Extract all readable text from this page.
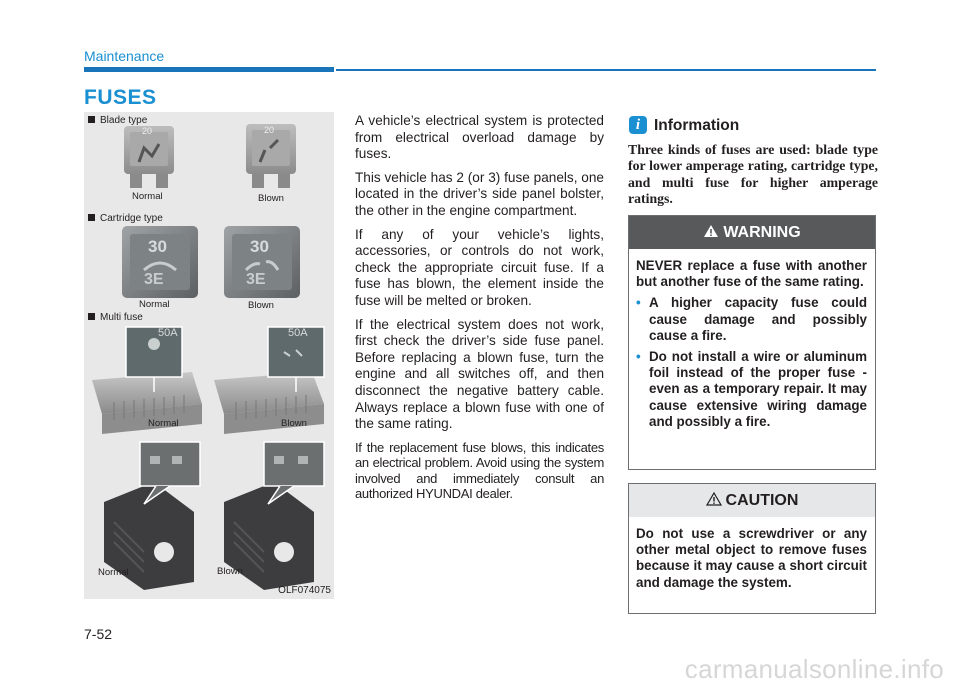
Maintenance
FUSES
20	20
30
3E
30
3E
50A	50A
Blade type
Normal	Blown
Cartridge type
Normal	Blown
Multi fuse
Normal	Blown
Normal	Blown
OLF074075

A vehicle’s electrical system is protected from electrical overload damage by fuses.

This vehicle has 2 (or 3) fuse panels, one located in the driver’s side panel bolster, the other in the engine compartment.

If any of your vehicle’s lights, accessories, or controls do not work, check the appropriate circuit fuse. If a fuse has blown, the element inside the fuse will be melted or broken.

If the electrical system does not work, first check the driver’s side fuse panel. Before replacing a blown fuse, turn the engine and all switches off, and then disconnect the negative battery cable. Always replace a blown fuse with one of the same rating.

If the replacement fuse blows, this indicates an electrical problem. Avoid using the system involved and immediately consult an authorized HYUNDAI dealer.

i Information
Three kinds of fuses are used: blade type for lower amperage rating, cartridge type, and multi fuse for higher amperage ratings.
WARNING

NEVER replace a fuse with another but another fuse of the same rating.

• A higher capacity fuse could cause damage and possibly cause a fire.
• Do not install a wire or aluminum foil instead of the proper fuse - even as a temporary repair. It may cause extensive wiring damage and possibly a fire.
CAUTION
Do not use a screwdriver or any other metal object to remove fuses because it may cause a short circuit and damage the system.
7-52
carmanualsonline.info
